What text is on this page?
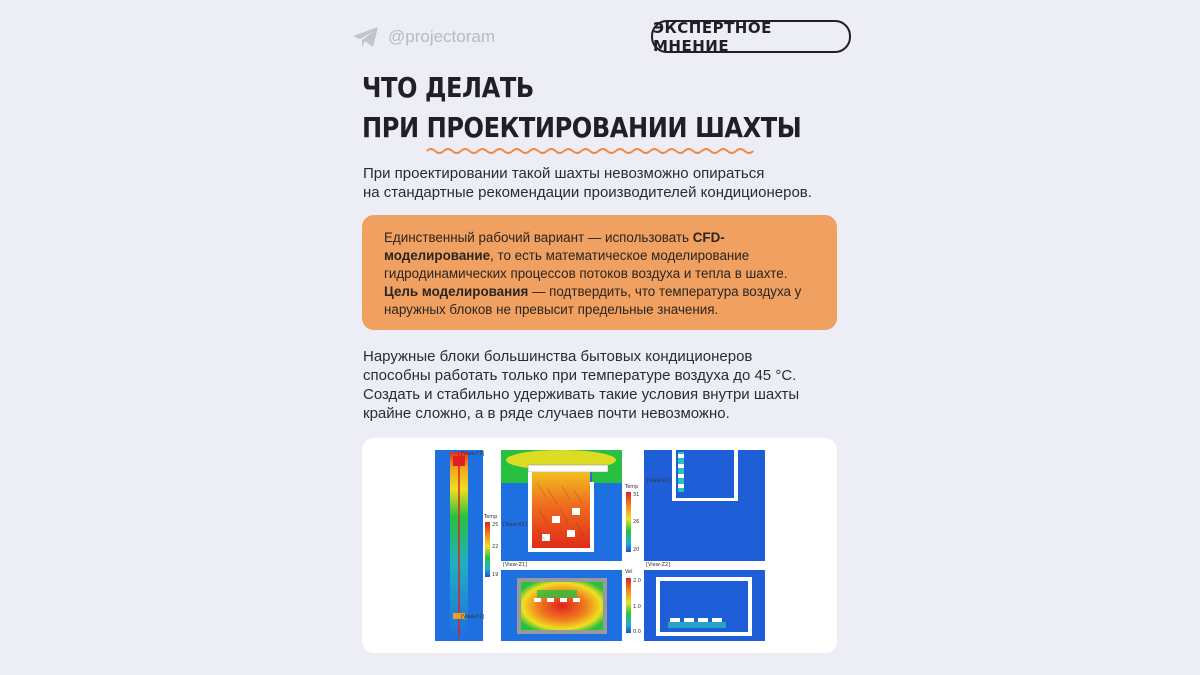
@projectoram	ЭКСПЕРТНОЕ МНЕНИЕ
ЧТО ДЕЛАТЬ
ПРИ ПРОЕКТИРОВАНИИ ШАХТЫ

При проектировании такой шахты невозможно опираться
на стандартные рекомендации производителей кондиционеров.

Единственный рабочий вариант — использовать CFD-моделирование, то есть математическое моделирование гидродинамических процессов потоков воздуха и тепла в шахте.
Цель моделирования — подтвердить, что температура воздуха у наружных блоков не превысит предельные значения.

Наружные блоки большинства бытовых кондиционеров
способны работать только при температуре воздуха до 45 °C.
Создать и стабильно удерживать такие условия внутри шахты
крайне сложно, а в ряде случаев почти невозможно.

[View-Y3]
[View-Y2]
Temp
25
22
19
[View-X1]
Temp
31
26
20
[View-X2]
[View-Z1]
Vel
2.0
1.0
0.0
[View-Z2]
